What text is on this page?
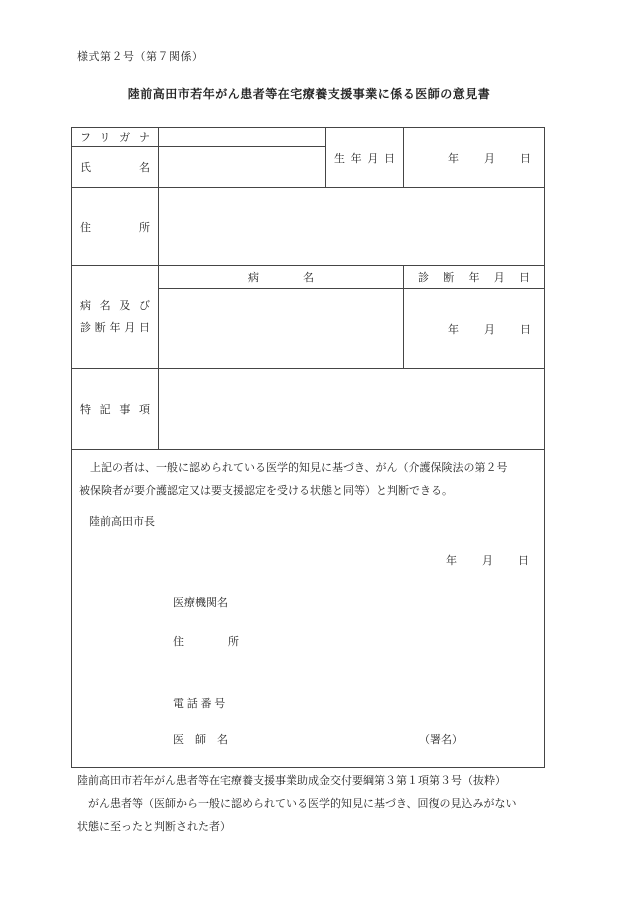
様式第２号（第７関係）
陸前高田市若年がん患者等在宅療養支援事業に係る医師の意見書
フリガナ		生年月日	年　　月　　日
氏名			
住所			

病名及び
診断年月日	病　　　　名		診断年月日
			年　　月　　日
特記事項			

　上記の者は、一般に認められている医学的知見に基づき、がん（介護保険法の第２号
被保険者が要介護認定又は要支援認定を受ける状態と同等）と判断できる。
陸前高田市長
年　　月　　日
医療機関名
住　　　　所
電 話 番 号
医　師　名	（署名）
陸前高田市若年がん患者等在宅療養支援事業助成金交付要綱第３第１項第３号（抜粋）
　がん患者等（医師から一般に認められている医学的知見に基づき、回復の見込みがない
状態に至ったと判断された者）
